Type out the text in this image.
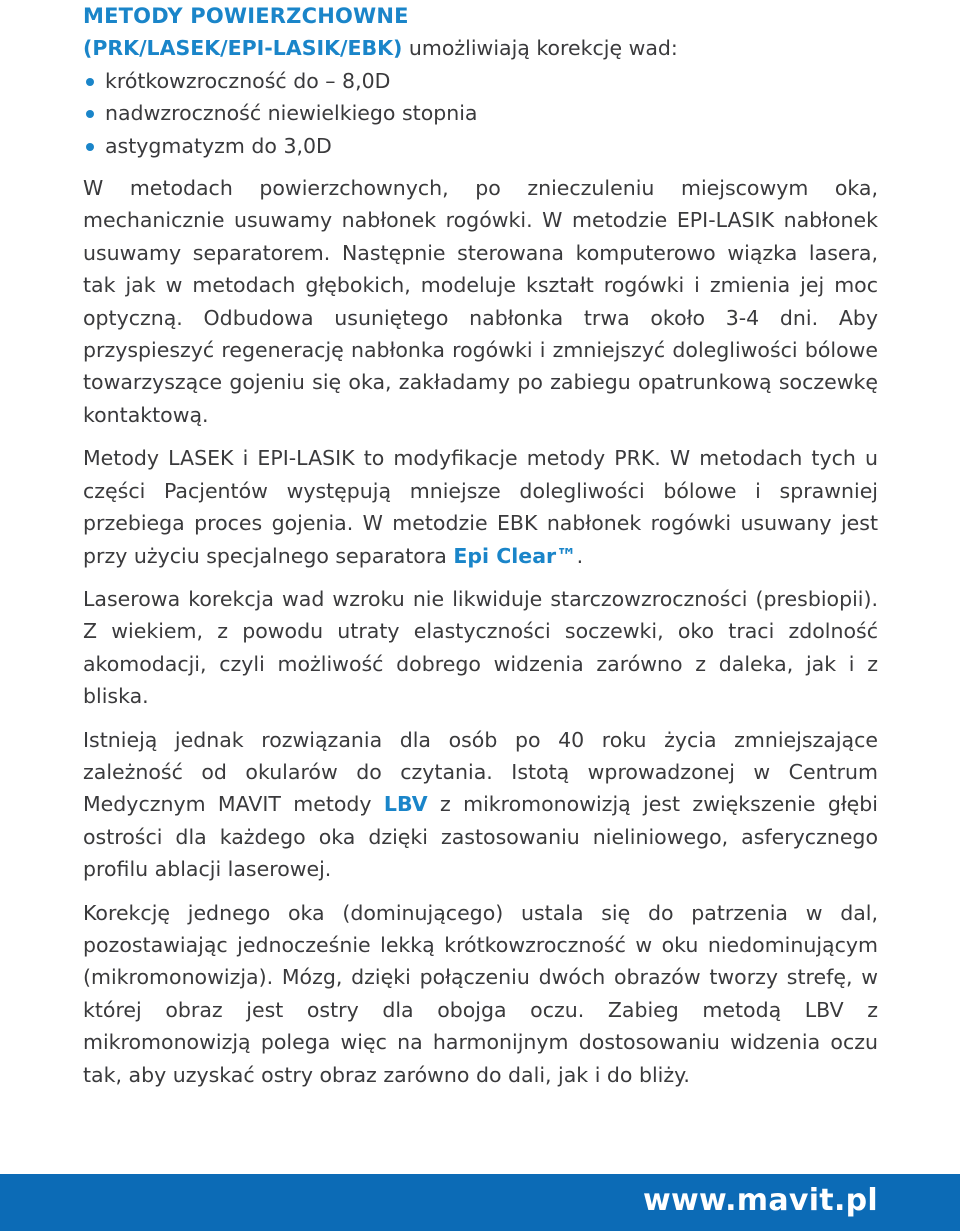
METODY POWIERZCHOWNE
(PRK/LASEK/EPI-LASIK/EBK) umożliwiają korekcję wad:
krótkowzroczność do – 8,0D
nadwzroczność niewielkiego stopnia
astygmatyzm do 3,0D

W metodach powierzchownych, po znieczuleniu miejscowym oka, mechanicznie usuwamy nabłonek rogówki. W metodzie EPI-LASIK nabłonek usuwamy separatorem. Następnie sterowana komputerowo wiązka lasera, tak jak w metodach głębokich, modeluje kształt rogówki i zmienia jej moc optyczną. Odbudowa usuniętego nabłonka trwa około 3-4 dni. Aby przyspieszyć regenerację nabłonka rogówki i zmniejszyć dolegliwości bólowe towarzyszące gojeniu się oka, zakładamy po zabiegu opatrunkową soczewkę kontaktową.

Metody LASEK i EPI-LASIK to modyfikacje metody PRK. W metodach tych u części Pacjentów występują mniejsze dolegliwości bólowe i sprawniej przebiega proces gojenia. W metodzie EBK nabłonek rogówki usuwany jest przy użyciu specjalnego separatora Epi Clear™.

Laserowa korekcja wad wzroku nie likwiduje starczowzroczności (presbiopii). Z wiekiem, z powodu utraty elastyczności soczewki, oko traci zdolność akomodacji, czyli możliwość dobrego widzenia zarówno z daleka, jak i z bliska.

Istnieją jednak rozwiązania dla osób po 40 roku życia zmniejszające zależność od okularów do czytania. Istotą wprowadzonej w Centrum Medycznym MAVIT metody LBV z mikromonowizją jest zwiększenie głębi ostrości dla każdego oka dzięki zastosowaniu nieliniowego, asferycznego profilu ablacji laserowej.

Korekcję jednego oka (dominującego) ustala się do patrzenia w dal, pozostawiając jednocześnie lekką krótkowzroczność w oku niedominującym (mikromonowizja). Mózg, dzięki połączeniu dwóch obrazów tworzy strefę, w której obraz jest ostry dla obojga oczu. Zabieg metodą LBV z mikromonowizją polega więc na harmonijnym dostosowaniu widzenia oczu tak, aby uzyskać ostry obraz zarówno do dali, jak i do bliży.

www.mavit.pl
